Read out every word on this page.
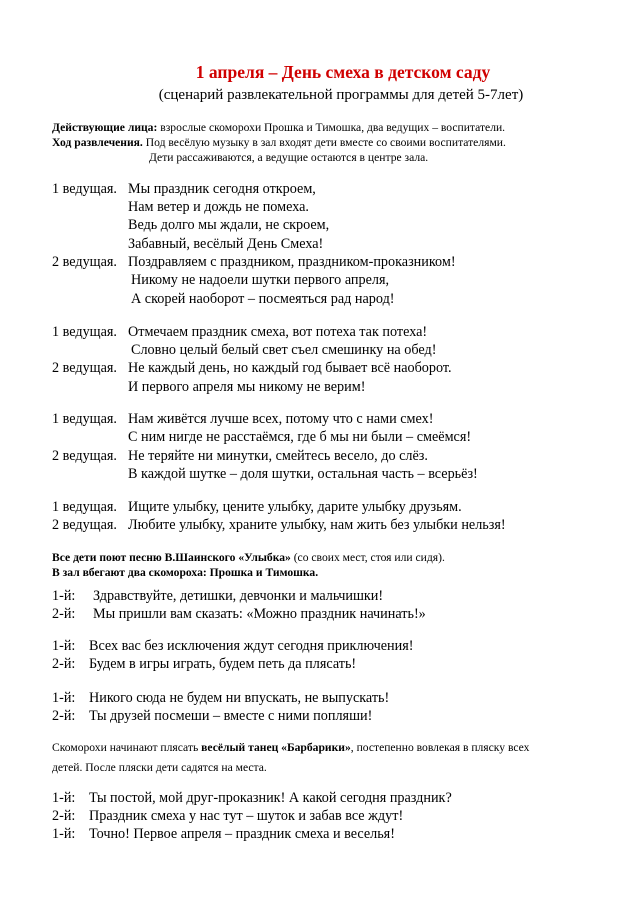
1 апреля – День смеха в детском саду
(сценарий развлекательной программы для детей 5-7лет)
Действующие лица: взрослые скоморохи Прошка и Тимошка, два ведущих – воспитатели.
Ход развлечения. Под весёлую музыку в зал входят дети вместе со своими воспитателями.
Дети рассаживаются, а ведущие остаются в центре зала.
1 ведущая. Мы праздник сегодня откроем,
Нам ветер и дождь не помеха.
Ведь долго мы ждали, не скроем,
Забавный, весёлый День Смеха!
2 ведущая. Поздравляем с праздником, праздником-проказником!
Никому не надоели шутки первого апреля,
А скорей наоборот – посмеяться рад народ!
1 ведущая. Отмечаем праздник смеха, вот потеха так потеха!
Словно целый белый свет съел смешинку на обед!
2 ведущая. Не каждый день, но каждый год бывает всё наоборот.
И первого апреля мы никому не верим!
1 ведущая. Нам живётся лучше всех, потому что с нами смех!
С ним нигде не расстаёмся, где б мы ни были – смеёмся!
2 ведущая. Не теряйте ни минутки, смейтесь весело, до слёз.
В каждой шутке – доля шутки, остальная часть – всерьёз!
1 ведущая. Ищите улыбку, цените улыбку, дарите улыбку друзьям.
2 ведущая. Любите улыбку, храните улыбку, нам жить без улыбки нельзя!
Все дети поют песню В.Шаинского «Улыбка» (со своих мест, стоя или сидя).
В зал вбегают два скомороха: Прошка и Тимошка.
1-й: Здравствуйте, детишки, девчонки и мальчишки!
2-й: Мы пришли вам сказать: «Можно праздник начинать!»
1-й: Всех вас без исключения ждут сегодня приключения!
2-й: Будем в игры играть, будем петь да плясать!
1-й: Никого сюда не будем ни впускать, не выпускать!
2-й: Ты друзей посмеши – вместе с ними попляши!
Скоморохи начинают плясать весёлый танец «Барбарики», постепенно вовлекая в пляску всех
детей. После пляски дети садятся на места.
1-й: Ты постой, мой друг-проказник! А какой сегодня праздник?
2-й: Праздник смеха у нас тут – шуток и забав все ждут!
1-й: Точно! Первое апреля – праздник смеха и веселья!
